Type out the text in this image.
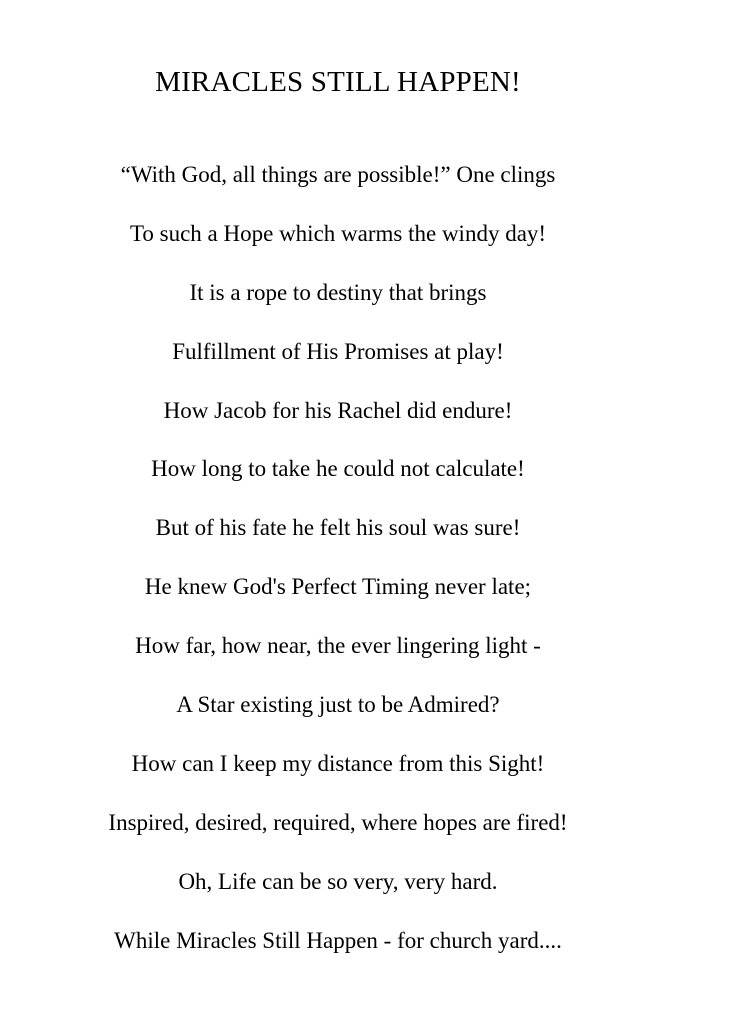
MIRACLES STILL HAPPEN!
“With God, all things are possible!” One clings
To such a Hope which warms the windy day!
It is a rope to destiny that brings
Fulfillment of His Promises at play!
How Jacob for his Rachel did endure!
How long to take he could not calculate!
But of his fate he felt his soul was sure!
He knew God's Perfect Timing never late;
How far, how near, the ever lingering light -
A Star existing just to be Admired?
How can I keep my distance from this Sight!
Inspired, desired, required, where hopes are fired!
Oh, Life can be so very, very hard.
While Miracles Still Happen - for church yard....
